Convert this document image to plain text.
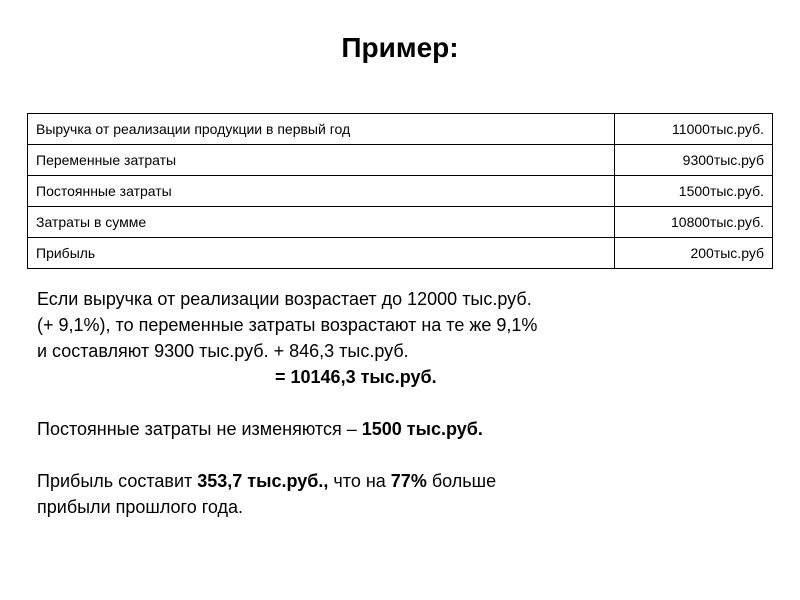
Пример:
Выручка от реализации продукции в первый год	11000тыс.руб.
Переменные затраты	9300тыс.руб
Постоянные затраты	1500тыс.руб.
Затраты в сумме	10800тыс.руб.
Прибыль	200тыс.руб

Если выручка от реализации возрастает до 12000 тыс.руб.

(+ 9,1%), то переменные затраты возрастают на те же 9,1%

и составляют 9300 тыс.руб. + 846,3 тыс.руб.

= 10146,3 тыс.руб.

Постоянные затраты не изменяются – 1500 тыс.руб.

Прибыль составит 353,7 тыс.руб., что на 77% больше

прибыли прошлого года.
